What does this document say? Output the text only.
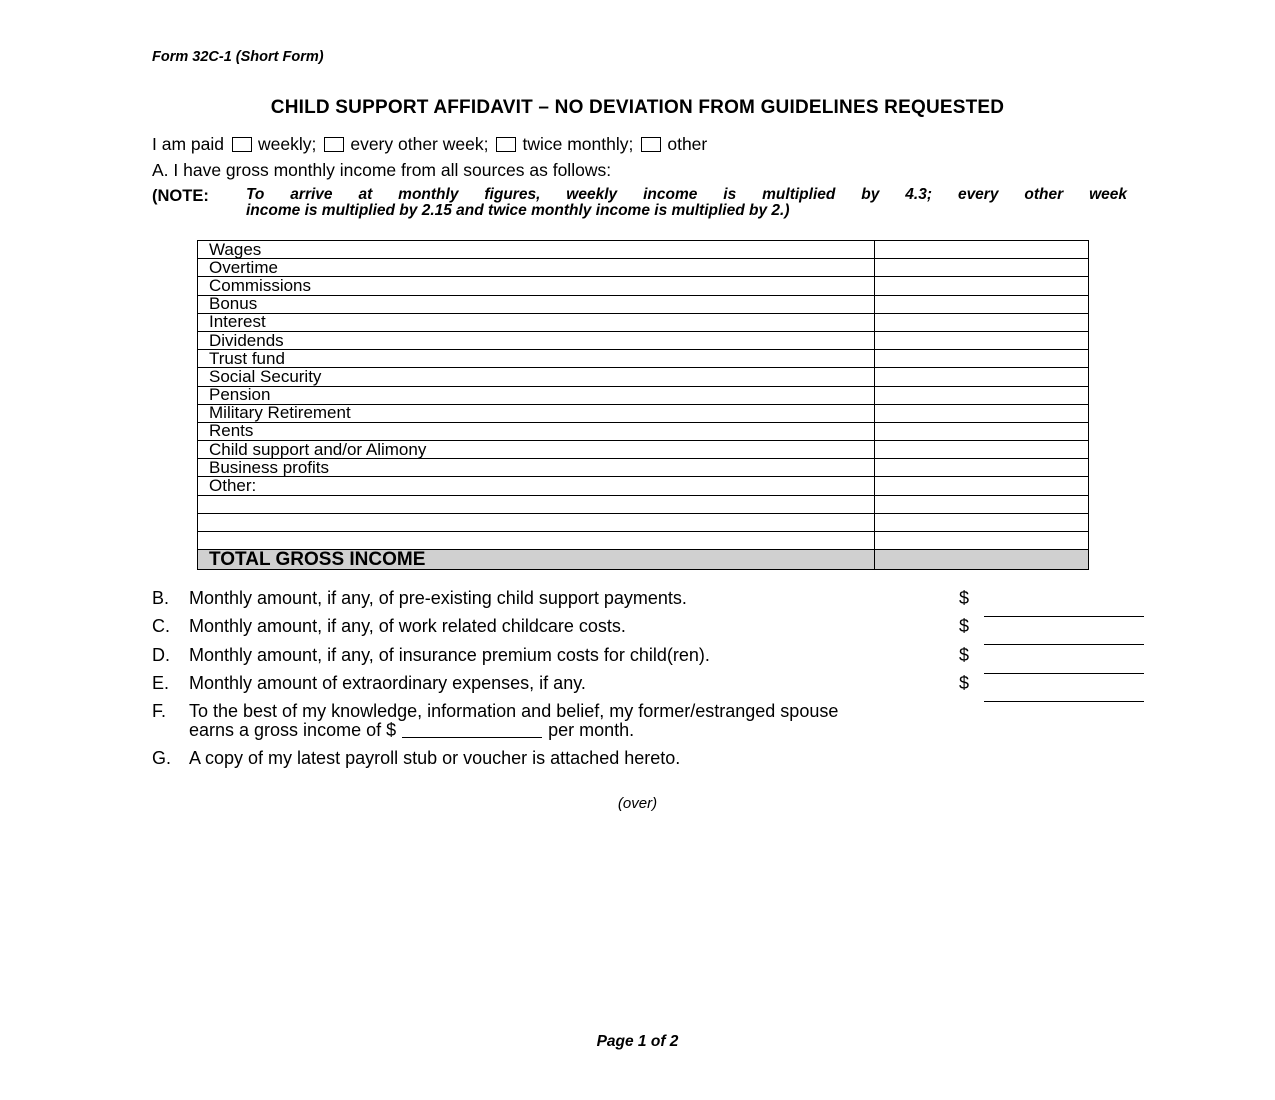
Form 32C-1 (Short Form)
CHILD SUPPORT AFFIDAVIT – NO DEVIATION FROM GUIDELINES REQUESTED
I am paid weekly; every other week; twice monthly; other
A. I have gross monthly income from all sources as follows:
(NOTE: To arrive at monthly figures, weekly income is multiplied by 4.3; every other week
income is multiplied by 2.15 and twice monthly income is multiplied by 2.)
Wages	
Overtime	
Commissions	
Bonus	
Interest	
Dividends	
Trust fund	
Social Security	
Pension	
Military Retirement	
Rents	
Child support and/or Alimony	
Business profits	
Other:	

TOTAL GROSS INCOME	
B. Monthly amount, if any, of pre-existing child support payments.	$
C. Monthly amount, if any, of work related childcare costs.	$
D. Monthly amount, if any, of insurance premium costs for child(ren).	$
E. Monthly amount of extraordinary expenses, if any.	$
F. To the best of my knowledge, information and belief, my former/estranged spouse
earns a gross income of $	per month.
G. A copy of my latest payroll stub or voucher is attached hereto.
(over)
Page 1 of 2
